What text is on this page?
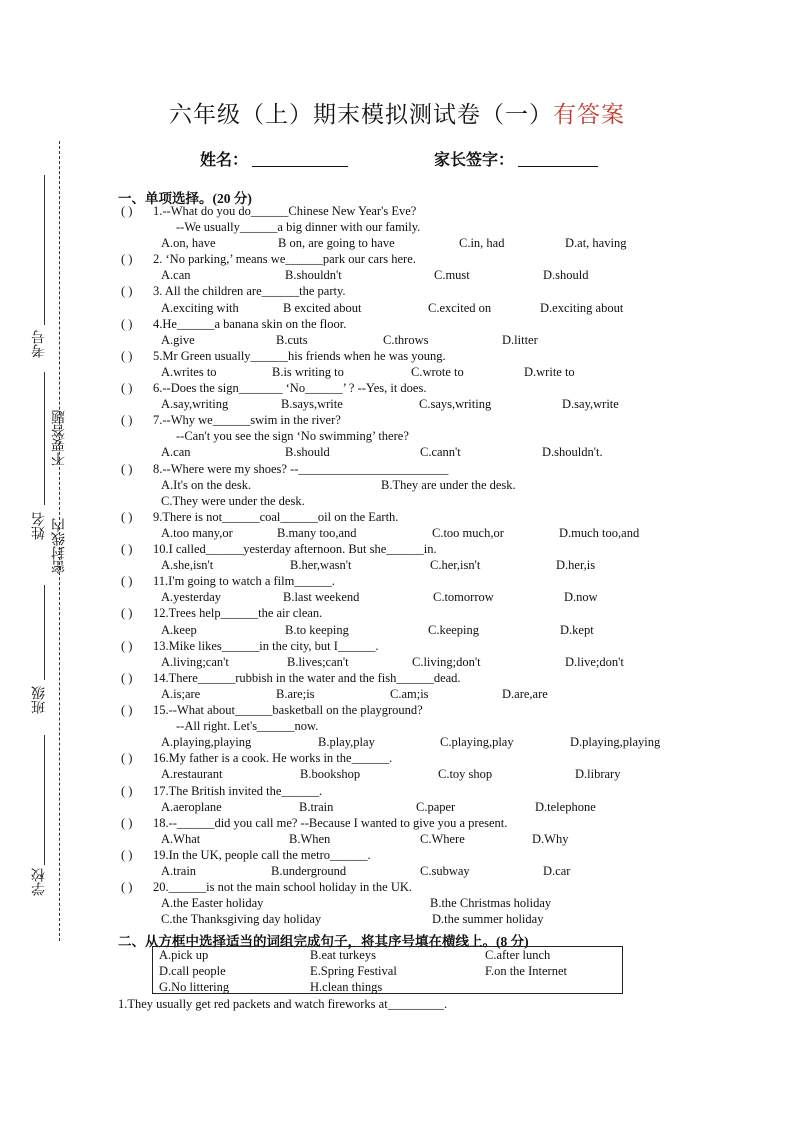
六年级（上）期末模拟测试卷（一）有答案
姓名：	家长签字：
考号
不要答题
姓名 密封线内
班级
学校
一、单项选择。(20 分)
( ) 1.--What do you do______Chinese New Year's Eve?
--We usually______a big dinner with our family.
A.on, have	B on, are going to have	C.in, had	D.at, having
( ) 2. ‘No parking,’ means we______park our cars here.
A.can	B.shouldn't	C.must	D.should
( ) 3. All the children are______the party.
A.exciting with	B excited about	C.excited on	D.exciting about
( ) 4.He______a banana skin on the floor.
A.give	B.cuts	C.throws	D.litter
( ) 5.Mr Green usually______his friends when he was young.
A.writes to	B.is writing to	C.wrote to	D.write to
( ) 6.--Does the sign_______ ‘No______’ ? --Yes, it does.
A.say,writing	B.says,write	C.says,writing	D.say,write
( ) 7.--Why we______swim in the river?
--Can't you see the sign ‘No swimming’ there?
A.can	B.should	C.cann't	D.shouldn't.
( ) 8.--Where were my shoes? --________________________
A.It's on the desk.	B.They are under the desk.
C.They were under the desk.
( ) 9.There is not______coal______oil on the Earth.
A.too many,or	B.many too,and	C.too much,or	D.much too,and
( ) 10.I called______yesterday afternoon. But she______in.
A.she,isn't	B.her,wasn't	C.her,isn't	D.her,is
( ) 11.I'm going to watch a film______.
A.yesterday	B.last weekend	C.tomorrow	D.now
( ) 12.Trees help______the air clean.
A.keep	B.to keeping	C.keeping	D.kept
( ) 13.Mike likes______in the city, but I______.
A.living;can't	B.lives;can't	C.living;don't	D.live;don't
( ) 14.There______rubbish in the water and the fish______dead.
A.is;are	B.are;is	C.am;is	D.are,are
( ) 15.--What about______basketball on the playground?
--All right. Let's______now.
A.playing,playing	B.play,play	C.playing,play	D.playing,playing
( ) 16.My father is a cook. He works in the______.
A.restaurant	B.bookshop	C.toy shop	D.library
( ) 17.The British invited the______.
A.aeroplane	B.train	C.paper	D.telephone
( ) 18.--______did you call me? --Because I wanted to give you a present.
A.What	B.When	C.Where	D.Why
( ) 19.In the UK, people call the metro______.
A.train	B.underground	C.subway	D.car
( ) 20.______is not the main school holiday in the UK.
A.the Easter holiday	B.the Christmas holiday
C.the Thanksgiving day holiday	D.the summer holiday
二、从方框中选择适当的词组完成句子，将其序号填在横线上。(8 分)
A.pick up	B.eat turkeys	C.after lunch
D.call people	E.Spring Festival	F.on the Internet
G.No littering	H.clean things
1.They usually get red packets and watch fireworks at_________.
